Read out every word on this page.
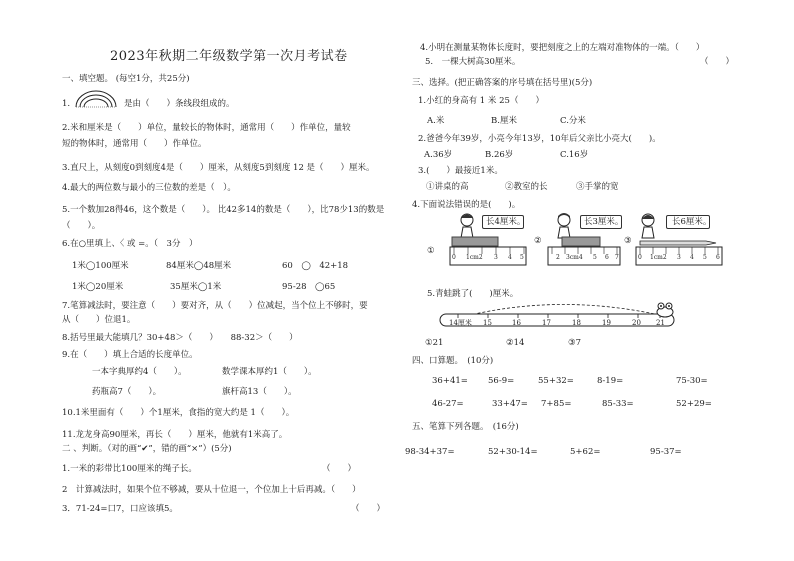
2023年秋期二年级数学第一次月考试卷
一、填空题。 (每空1分，共25分)
1.	是由（　　）条线段组成的。
2.米和厘米是（　　）单位，量较长的物体时，通常用（　　）作单位，量较
短的物体时，通常用（　　）作单位。
3.直尺上，从刻度0到刻度4是（　　）厘米，从刻度5到刻度 12 是（　　）厘米。
4.最大的两位数与最小的三位数的差是（　）。
5.一个数加28得46，这个数是（　　）。 比42多14的数是（　　），比78少13的数是
（　　）。
6.在○里填上、〈 或 =。（　3分　）
1米◯100厘米	84厘米◯48厘米	60　◯　42+18
1米◯20厘米	35厘米◯1米	95-28　◯65
7.笔算减法时，要注意（　　）要对齐，从（　　）位减起，当个位上不够时，要
从（　　）位退1。
8.括号里最大能填几？30+48＞（　　）　　88-32＞（　　）
9.在（　　）填上合适的长度单位。
一本字典厚约4（　　）。	数学课本厚约1（　　）。
药瓶高7（　　）。	旗杆高13（　　）。
10.1米里面有（　　）个1厘米，食指的宽大约是 1（　　）。
11.龙龙身高90厘米，再长（　　）厘米，他就有1米高了。
二 、判断。（对的画“✔”，错的画“×”）(5分)
1.一米的彩带比100厘米的绳子长。	（　　）
2　计算减法时，如果个位不够减，要从十位退一，个位加上十后再减。（　　）
3．71-24=口7，口应该填5。	（　　）
4.小明在测量某物体长度时，要把刻度之上的左端对准物体的一端。（　　）
5.　一棵大树高30厘米。	（　　）
三、选择。(把正确答案的序号填在括号里)(5分)
1.小红的身高有 1 米 25（　　）
A.米	B.厘米	C.分米
2.爸爸今年39岁，小亮今年13岁，10年后父亲比小亮大(　　)。
A.36岁	B.26岁	C.16岁
3.(　　）最接近1米。
①讲桌的高	②教室的长	③手掌的宽
4.下面说法错误的是(　　)。
长4厘米。	长3厘米。	长6厘米。
①
②	③
0 1cm2 3 4 5	2 3cm4 5 6 7	0 1cm2 3 4 5 6
5.青蛙跳了(　　)厘米。
14厘米 15	16	17	18	19	20 21
①21	②14	③7
四、口算题。　(10分)
36+41= 56-9=	55+32=	8-19=	75-30=
46-27=	33+47= 7+85=	85-33=	52+29=
五、笔算下列各题。　(16分)
98-34+37=	52+30-14=	5+62=	95-37=
